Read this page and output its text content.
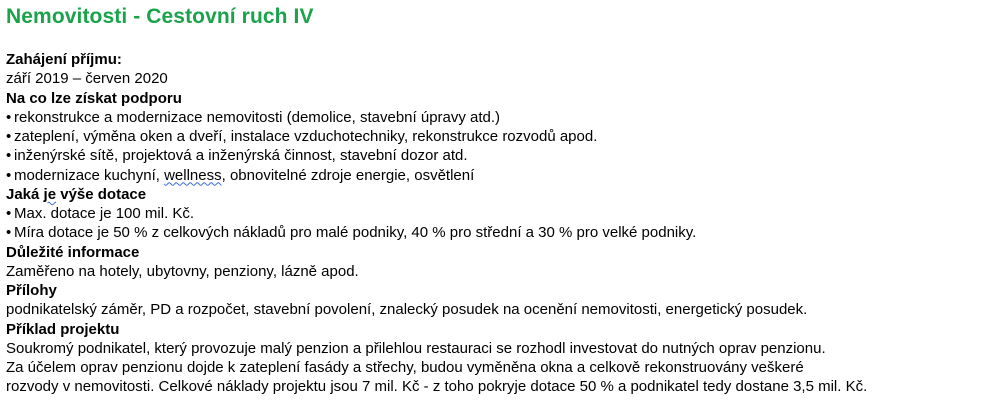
Nemovitosti - Cestovní ruch IV
Zahájení příjmu:
září 2019 – červen 2020
Na co lze získat podporu
• rekonstrukce a modernizace nemovitosti (demolice, stavební úpravy atd.)
• zateplení, výměna oken a dveří, instalace vzduchotechniky, rekonstrukce rozvodů apod.
• inženýrské sítě, projektová a inženýrská činnost, stavební dozor atd.
• modernizace kuchyní, wellness, obnovitelné zdroje energie, osvětlení
Jaká je výše dotace
• Max. dotace je 100 mil. Kč.
• Míra dotace je 50 % z celkových nákladů pro malé podniky, 40 % pro střední a 30 % pro velké podniky.
Důležité informace
Zaměřeno na hotely, ubytovny, penziony, lázně apod.
Přílohy
podnikatelský záměr, PD a rozpočet, stavební povolení, znalecký posudek na ocenění nemovitosti, energetický posudek.
Příklad projektu
Soukromý podnikatel, který provozuje malý penzion a přilehlou restauraci se rozhodl investovat do nutných oprav penzionu.
Za účelem oprav penzionu dojde k zateplení fasády a střechy, budou vyměněna okna a celkově rekonstruovány veškeré
rozvody v nemovitosti. Celkové náklady projektu jsou 7 mil. Kč - z toho pokryje dotace 50 % a podnikatel tedy dostane 3,5 mil. Kč.
